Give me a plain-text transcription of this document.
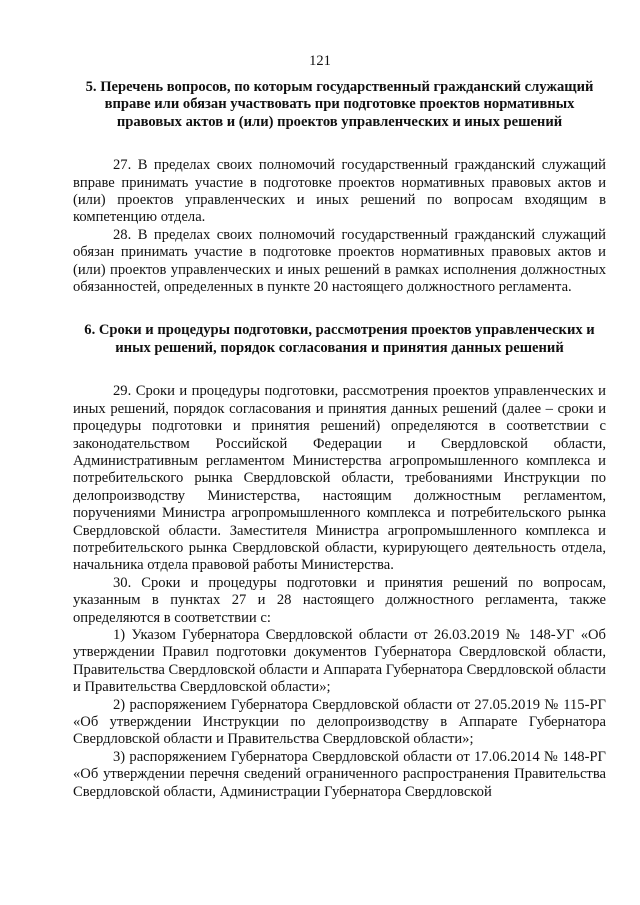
121

5. Перечень вопросов, по которым государственный гражданский служащий вправе или обязан участвовать при подготовке проектов нормативных правовых актов и (или) проектов управленческих и иных решений

27. В пределах своих полномочий государственный гражданский служащий вправе принимать участие в подготовке проектов нормативных правовых актов и (или) проектов управленческих и иных решений по вопросам входящим в компетенцию отдела.

28. В пределах своих полномочий государственный гражданский служащий обязан принимать участие в подготовке проектов нормативных правовых актов и (или) проектов управленческих и иных решений в рамках исполнения должностных обязанностей, определенных в пункте 20 настоящего должностного регламента.

6. Сроки и процедуры подготовки, рассмотрения проектов управленческих и иных решений, порядок согласования и принятия данных решений

29. Сроки и процедуры подготовки, рассмотрения проектов управленческих и иных решений, порядок согласования и принятия данных решений (далее – сроки и процедуры подготовки и принятия решений) определяются в соответствии с законодательством Российской Федерации и Свердловской области, Административным регламентом Министерства агропромышленного комплекса и потребительского рынка Свердловской области, требованиями Инструкции по делопроизводству Министерства, настоящим должностным регламентом, поручениями Министра агропромышленного комплекса и потребительского рынка Свердловской области. Заместителя Министра агропромышленного комплекса и потребительского рынка Свердловской области, курирующего деятельность отдела, начальника отдела правовой работы Министерства.

30. Сроки и процедуры подготовки и принятия решений по вопросам, указанным в пунктах 27 и 28 настоящего должностного регламента, также определяются в соответствии с:

1) Указом Губернатора Свердловской области от 26.03.2019 № 148-УГ «Об утверждении Правил подготовки документов Губернатора Свердловской области, Правительства Свердловской области и Аппарата Губернатора Свердловской области и Правительства Свердловской области»;

2) распоряжением Губернатора Свердловской области от 27.05.2019 № 115-РГ «Об утверждении Инструкции по делопроизводству в Аппарате Губернатора Свердловской области и Правительства Свердловской области»;

3) распоряжением Губернатора Свердловской области от 17.06.2014 № 148-РГ «Об утверждении перечня сведений ограниченного распространения Правительства Свердловской области, Администрации Губернатора Свердловской
